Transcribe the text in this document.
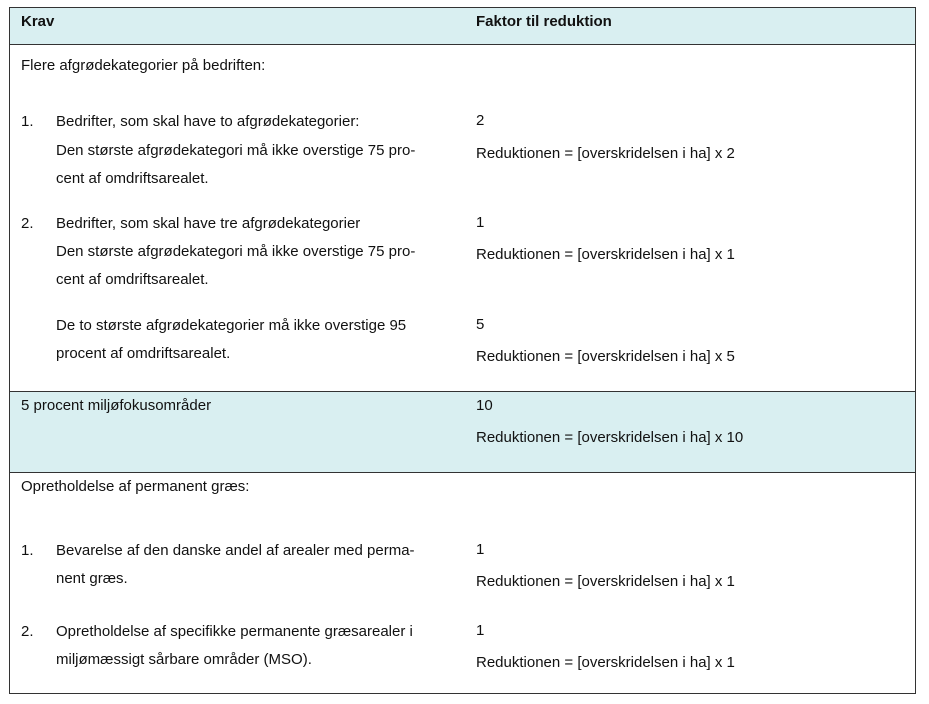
Krav	Faktor til reduktion
Flere afgrødekategorier på bedriften:
1. Bedrifter, som skal have to afgrødekategorier:
Den største afgrødekategori må ikke overstige 75 pro-
cent af omdriftsarealet.
2
Reduktionen = [overskridelsen i ha] x 2
2. Bedrifter, som skal have tre afgrødekategorier
Den største afgrødekategori må ikke overstige 75 pro-
cent af omdriftsarealet.
1
Reduktionen = [overskridelsen i ha] x 1
De to største afgrødekategorier må ikke overstige 95
procent af omdriftsarealet.
5
Reduktionen = [overskridelsen i ha] x 5
5 procent miljøfokusområder	10
Reduktionen = [overskridelsen i ha] x 10
Opretholdelse af permanent græs:
1. Bevarelse af den danske andel af arealer med perma-
nent græs.
1
Reduktionen = [overskridelsen i ha] x 1
2. Opretholdelse af specifikke permanente græsarealer i
miljømæssigt sårbare områder (MSO).
1
Reduktionen = [overskridelsen i ha] x 1
